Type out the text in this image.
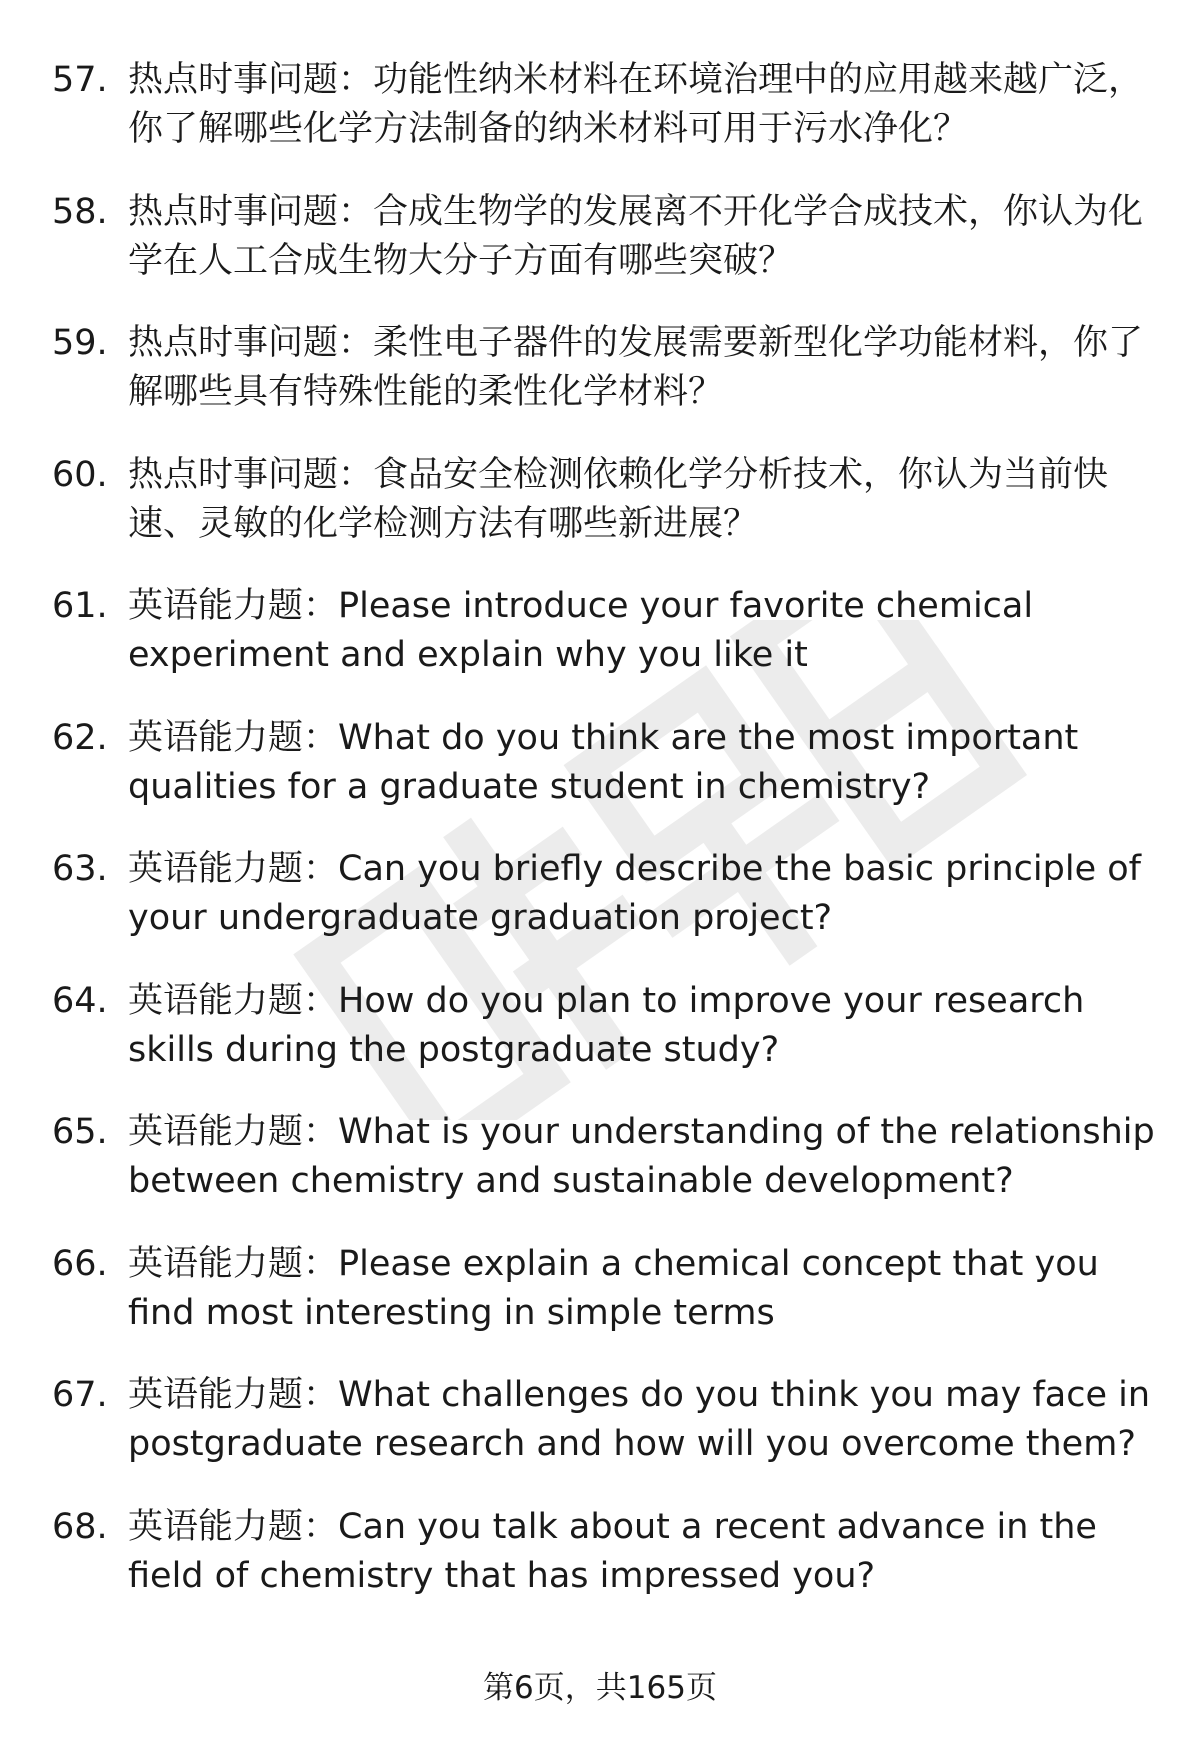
57. 热点时事问题：功能性纳米材料在环境治理中的应用越来越广泛，你了解哪些化学方法制备的纳米材料可用于污水净化？
58. 热点时事问题：合成生物学的发展离不开化学合成技术，你认为化学在人工合成生物大分子方面有哪些突破？
59. 热点时事问题：柔性电子器件的发展需要新型化学功能材料，你了解哪些具有特殊性能的柔性化学材料？
60. 热点时事问题：食品安全检测依赖化学分析技术，你认为当前快速、灵敏的化学检测方法有哪些新进展？
61. 英语能力题：Please introduce your favorite chemical experiment and explain why you like it
62. 英语能力题：What do you think are the most important qualities for a graduate student in chemistry?
63. 英语能力题：Can you briefly describe the basic principle of your undergraduate graduation project?
64. 英语能力题：How do you plan to improve your research skills during the postgraduate study?
65. 英语能力题：What is your understanding of the relationship between chemistry and sustainable development?
66. 英语能力题：Please explain a chemical concept that you find most interesting in simple terms
67. 英语能力题：What challenges do you think you may face in postgraduate research and how will you overcome them?
68. 英语能力题：Can you talk about a recent advance in the field of chemistry that has impressed you?
第6页，共165页
